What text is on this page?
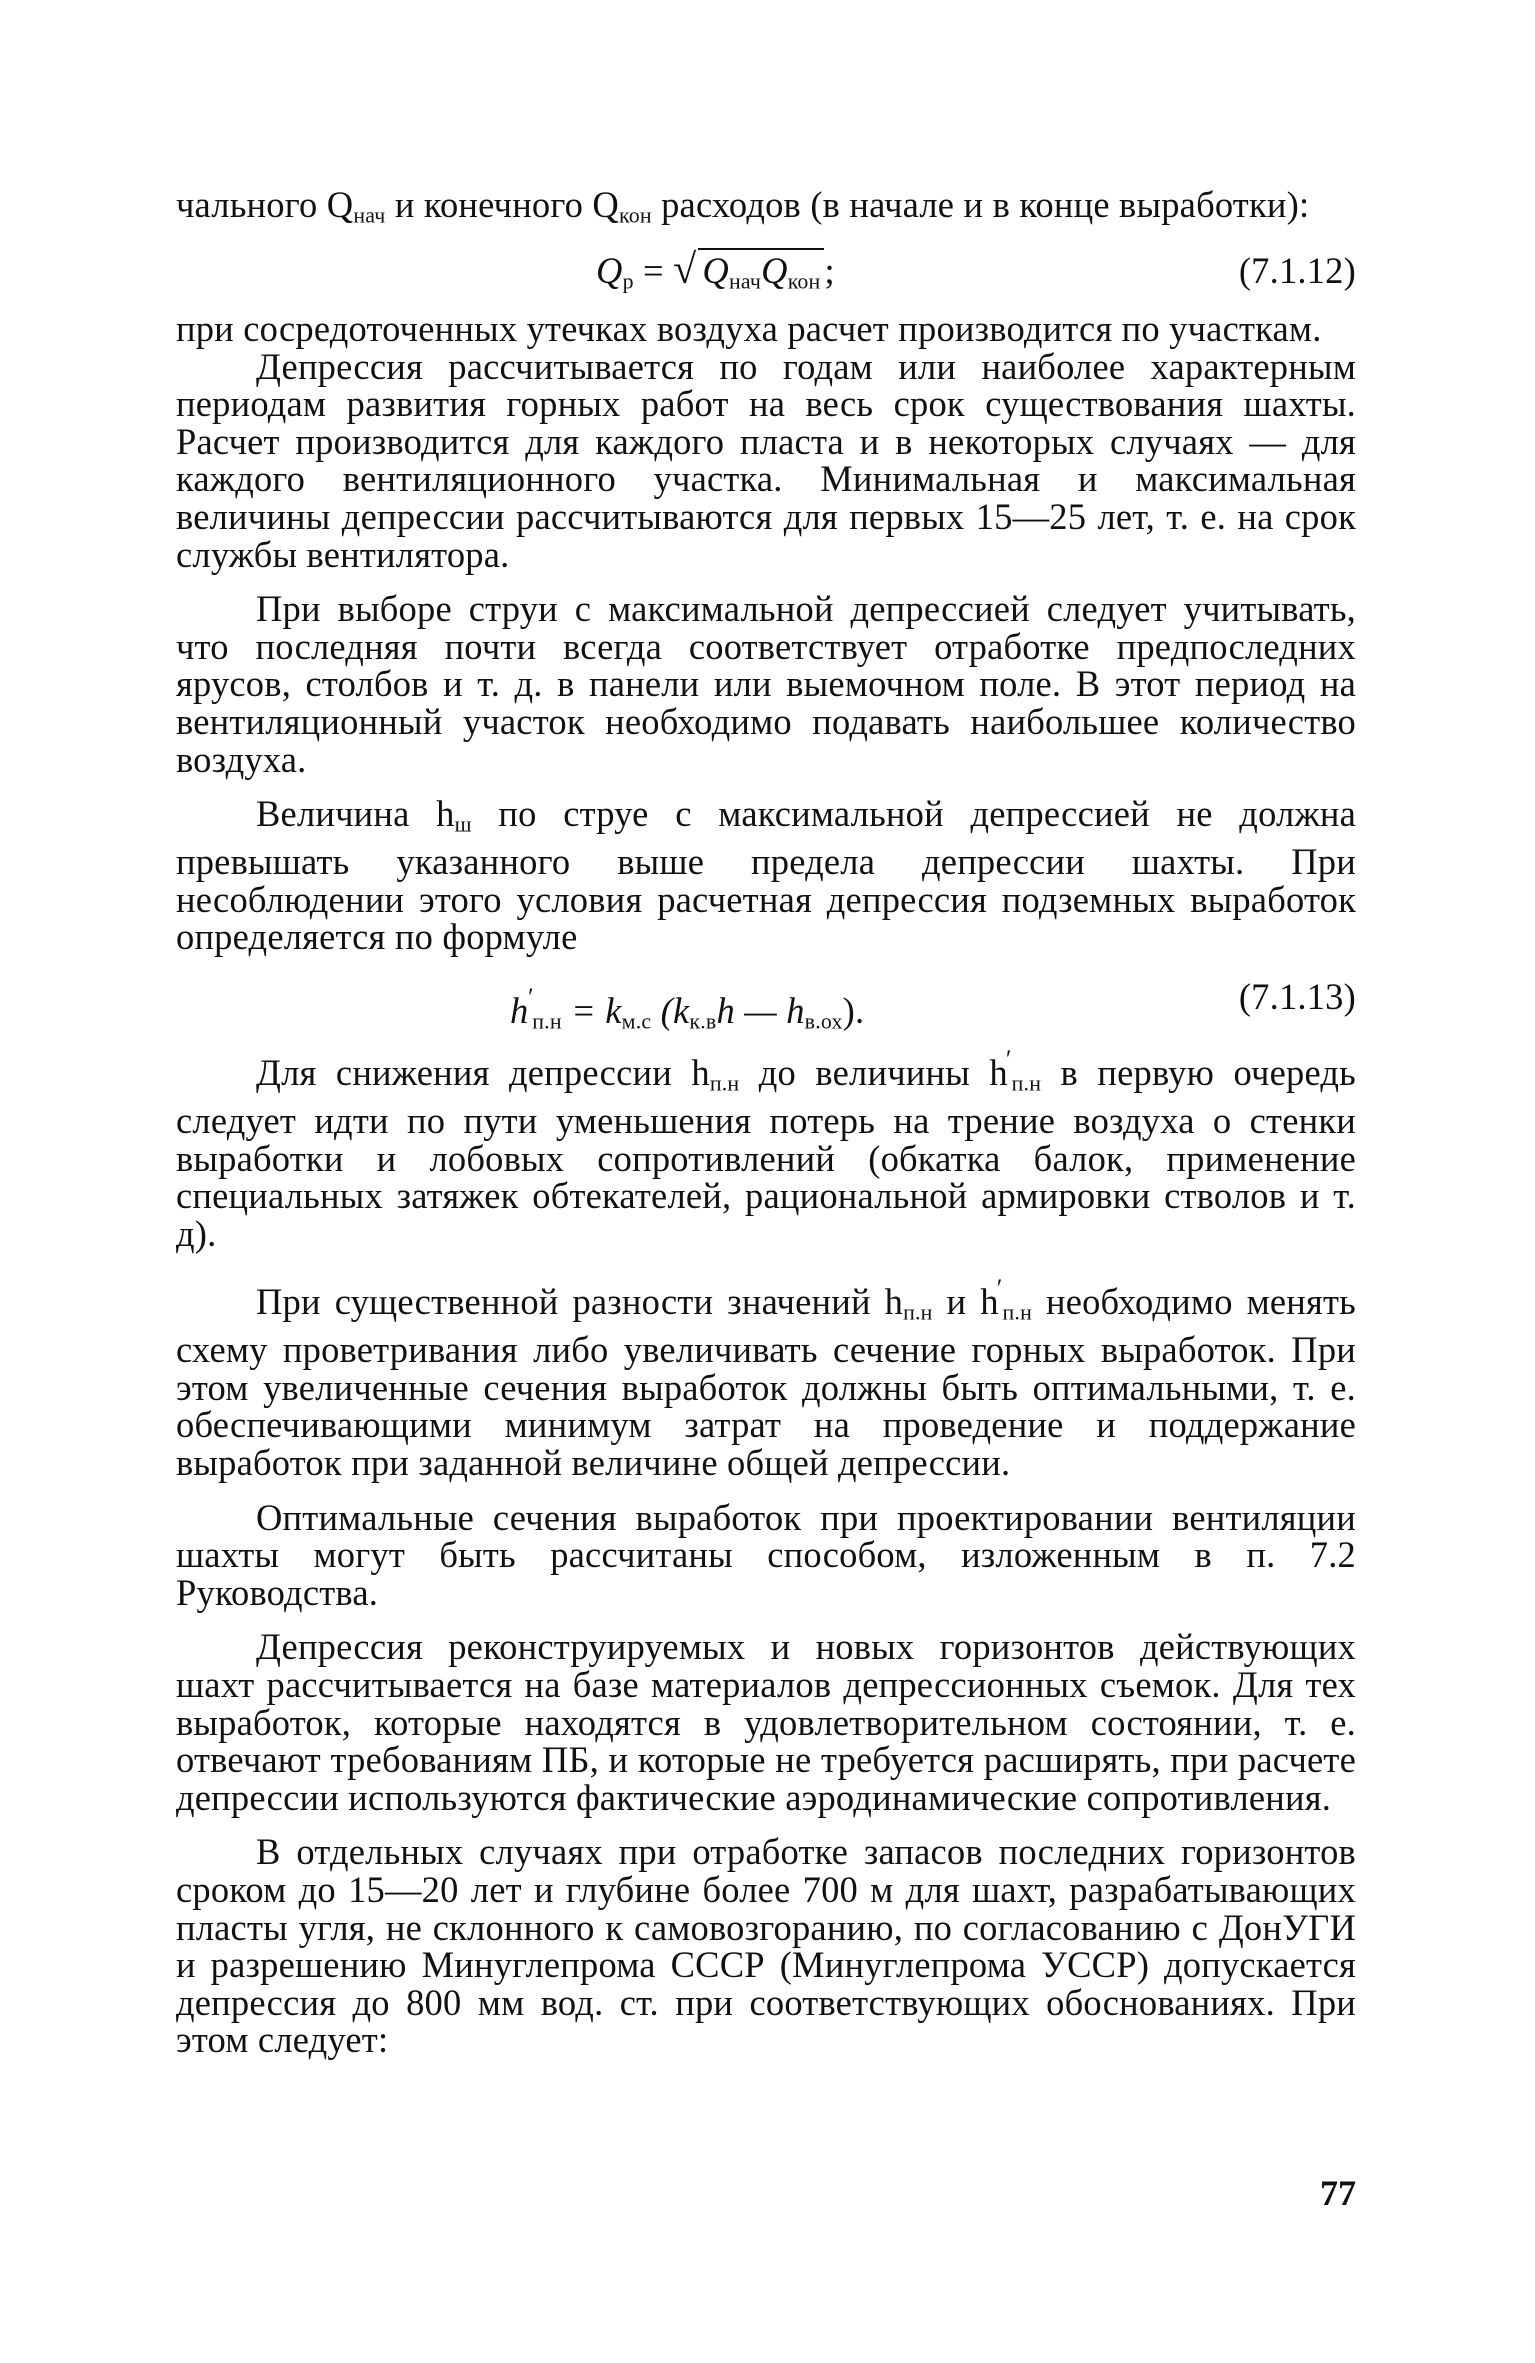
чального $Q_{нач}$ и конечного $Q_{кон}$ расходов (в начале и в конце выработки):

$Q_р$ = √ $Q_{нач}Q_{кон}$ ;	(7.1.12)

при сосредоточенных утечках воздуха расчет производится по участкам.

Депрессия рассчитывается по годам или наиболее характерным периодам развития горных работ на весь срок существования шахты. Расчет производится для каждого пласта и в некоторых случаях — для каждого вентиляционного участка. Минимальная и максимальная величины депрессии рассчитываются для первых 15—25 лет, т. е. на срок службы вентилятора.

При выборе струи с максимальной депрессией следует учитывать, что последняя почти всегда соответствует отработке предпоследних ярусов, столбов и т. д. в панели или выемочном поле. В этот период на вентиляционный участок необходимо подавать наибольшее количество воздуха.

Величина $h_ш$ по струе с максимальной депрессией не должна превышать указанного выше предела депрессии шахты. При несоблюдении этого условия расчетная депрессия подземных выработок определяется по формуле

$h'_{п.н} = k_{м.с}$ ($k_{к.в}h$ — $h_{в.ох}$).	(7.1.13)

Для снижения депрессии $h_{п.н}$ до величины $h'_{п.н}$ в первую очередь следует идти по пути уменьшения потерь на трение воздуха о стенки выработки и лобовых сопротивлений (обкатка балок, применение специальных затяжек обтекателей, рациональной армировки стволов и т. д).

При существенной разности значений $h_{п.н}$ и $h'_{п.н}$ необходимо менять схему проветривания либо увеличивать сечение горных выработок. При этом увеличенные сечения выработок должны быть оптимальными, т. е. обеспечивающими минимум затрат на проведение и поддержание выработок при заданной величине общей депрессии.

Оптимальные сечения выработок при проектировании вентиляции шахты могут быть рассчитаны способом, изложенным в п. 7.2 Руководства.

Депрессия реконструируемых и новых горизонтов действующих шахт рассчитывается на базе материалов депрессионных съемок. Для тех выработок, которые находятся в удовлетворительном состоянии, т. е. отвечают требованиям ПБ, и которые не требуется расширять, при расчете депрессии используются фактические аэродинамические сопротивления.

В отдельных случаях при отработке запасов последних горизонтов сроком до 15—20 лет и глубине более 700 м для шахт, разрабатывающих пласты угля, не склонного к самовозгоранию, по согласованию с ДонУГИ и разрешению Минуглепрома СССР (Минуглепрома УССР) допускается депрессия до 800 мм вод. ст. при соответствующих обоснованиях. При этом следует:

77
